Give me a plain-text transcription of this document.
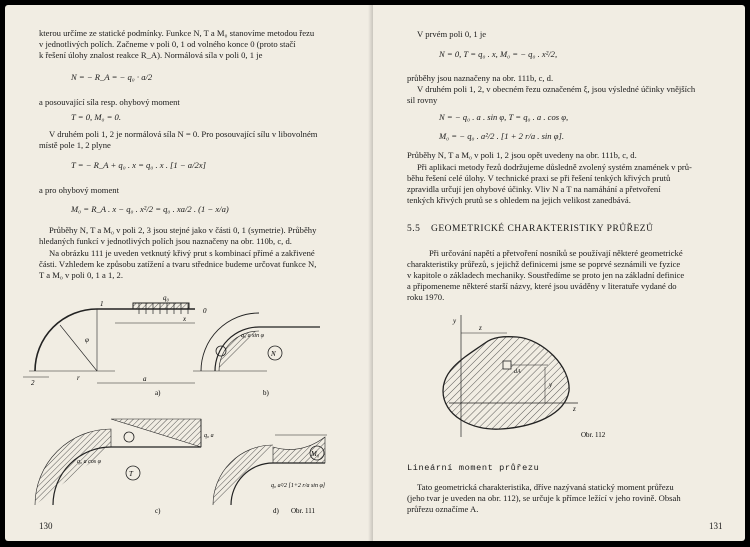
kterou určíme ze statické podmínky. Funkce N, T a M₀ stanovíme metodou řezu
v jednotlivých polích. Začneme v poli 0, 1 od volného konce 0 (proto stačí
k řešení úlohy znalost reakce R_A). Normálová síla v poli 0, 1 je
N = − R_A = − q₀ · a/2
a posouvající síla resp. ohybový moment
T = 0, M₀ = 0.
V druhém poli 1, 2 je normálová síla N = 0. Pro posouvající sílu v libovolném
místě pole 1, 2 plyne
T = − R_A + q₀ . x = q₀ . x . [1 − a/2x]
a pro ohybový moment
M₀ = R_A . x − q₀ . x²/2 = q₀ . xa/2 . (1 − x/a)
Průběhy N, T a M₀ v poli 2, 3 jsou stejné jako v části 0, 1 (symetrie). Průběhy
hledaných funkcí v jednotlivých polích jsou naznačeny na obr. 110b, c, d.
Na obrázku 111 je uveden vetknutý křivý prut s kombinací přímé a zakřivené
části. Vzhledem ke způsobu zatížení a tvaru střednice budeme určovat funkce N,
T a M₀ v poli 0, 1 a 1, 2.
q₀
x
r	a
φ
0
1
2
a)
N
q₀ a sin φ
b)
T
q₀ a cos φ
q₀ a
c)
M₀
q₀ a²/2 [1+2 r/a sin φ]
d) Obr. 111
130
V prvém poli 0, 1 je
N = 0, T = q₀ . x, M₀ = − q₀ . x²/2,
průběhy jsou naznačeny na obr. 111b, c, d.
V druhém poli 1, 2, v obecném řezu označeném ξ, jsou výsledné účinky vnějších
sil rovny
N = − q₀ . a . sin φ, T = q₀ . a . cos φ,
M₀ = − q₀ . a²/2 . [1 + 2 r/a . sin φ].
Průběhy N, T a M₀ v poli 1, 2 jsou opět uvedeny na obr. 111b, c, d.
Při aplikaci metody řezů dodržujeme důsledně zvolený systém znamének v prů-
běhu řešení celé úlohy. V technické praxi se při řešení tenkých křivých prutů
zpravidla určují jen ohybové účinky. Vliv N a T na namáhání a přetvoření
tenkých křivých prutů se s ohledem na jejich velikost zanedbává.
5.5 GEOMETRICKÉ CHARAKTERISTIKY PRŮŘEZŮ
Při určování napětí a přetvoření nosníků se používají některé geometrické
charakteristiky průřezů, s jejichž definicemi jsme se poprvé seznámili ve fyzice
v kapitole o základech mechaniky. Soustředíme se proto jen na základní definice
a připomeneme některé starší názvy, které jsou uváděny v literatuře vydané do
roku 1970.
y
z
dA
y
z
Obr. 112
Lineární moment průřezu
Tato geometrická charakteristika, dříve nazývaná statický moment průřezu
(jeho tvar je uveden na obr. 112), se určuje k přímce ležící v jeho rovině. Obsah
průřezu označíme A.
131
